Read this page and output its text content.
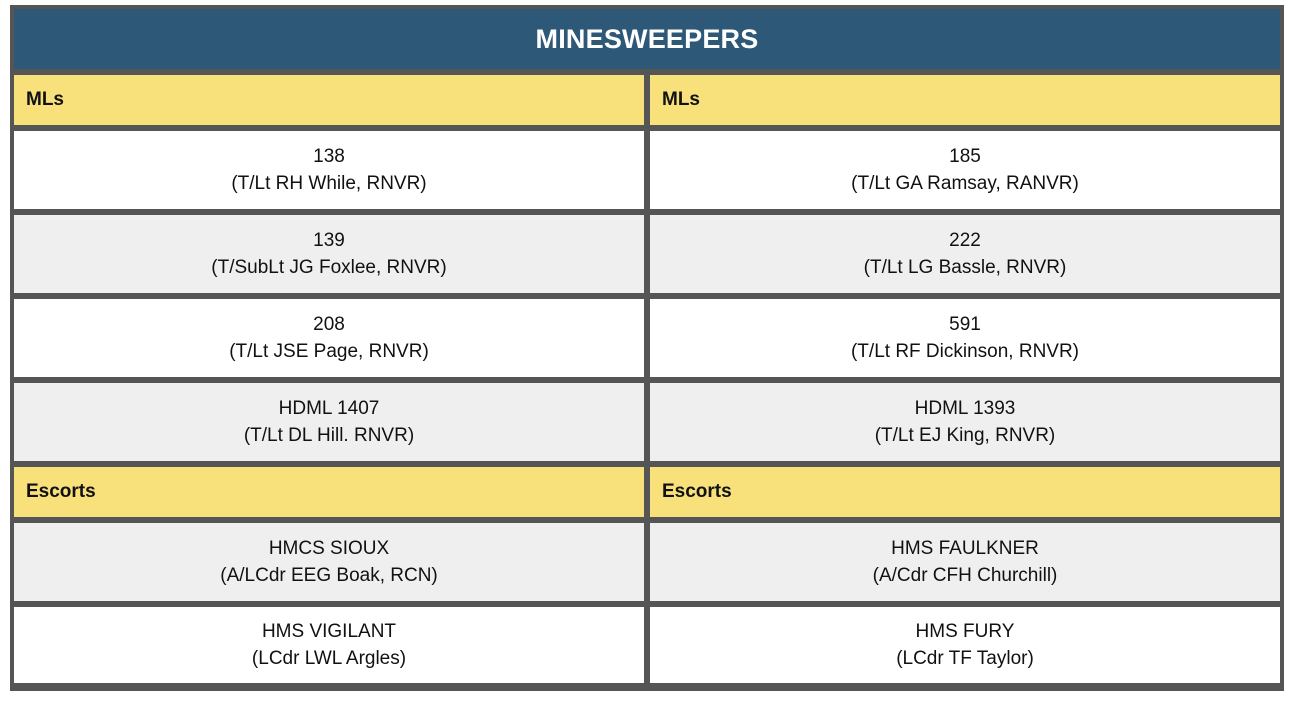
MINESWEEPERS
MLs
138
(T/Lt RH While, RNVR)
139
(T/SubLt JG Foxlee, RNVR)
208
(T/Lt JSE Page, RNVR)
HDML 1407
(T/Lt DL Hill. RNVR)
Escorts
HMCS SIOUX
(A/LCdr EEG Boak, RCN)
HMS VIGILANT
(LCdr LWL Argles)
MLs
185
(T/Lt GA Ramsay, RANVR)
222
(T/Lt LG Bassle, RNVR)
591
(T/Lt RF Dickinson, RNVR)
HDML 1393
(T/Lt EJ King, RNVR)
Escorts
HMS FAULKNER
(A/Cdr CFH Churchill)
HMS FURY
(LCdr TF Taylor)
